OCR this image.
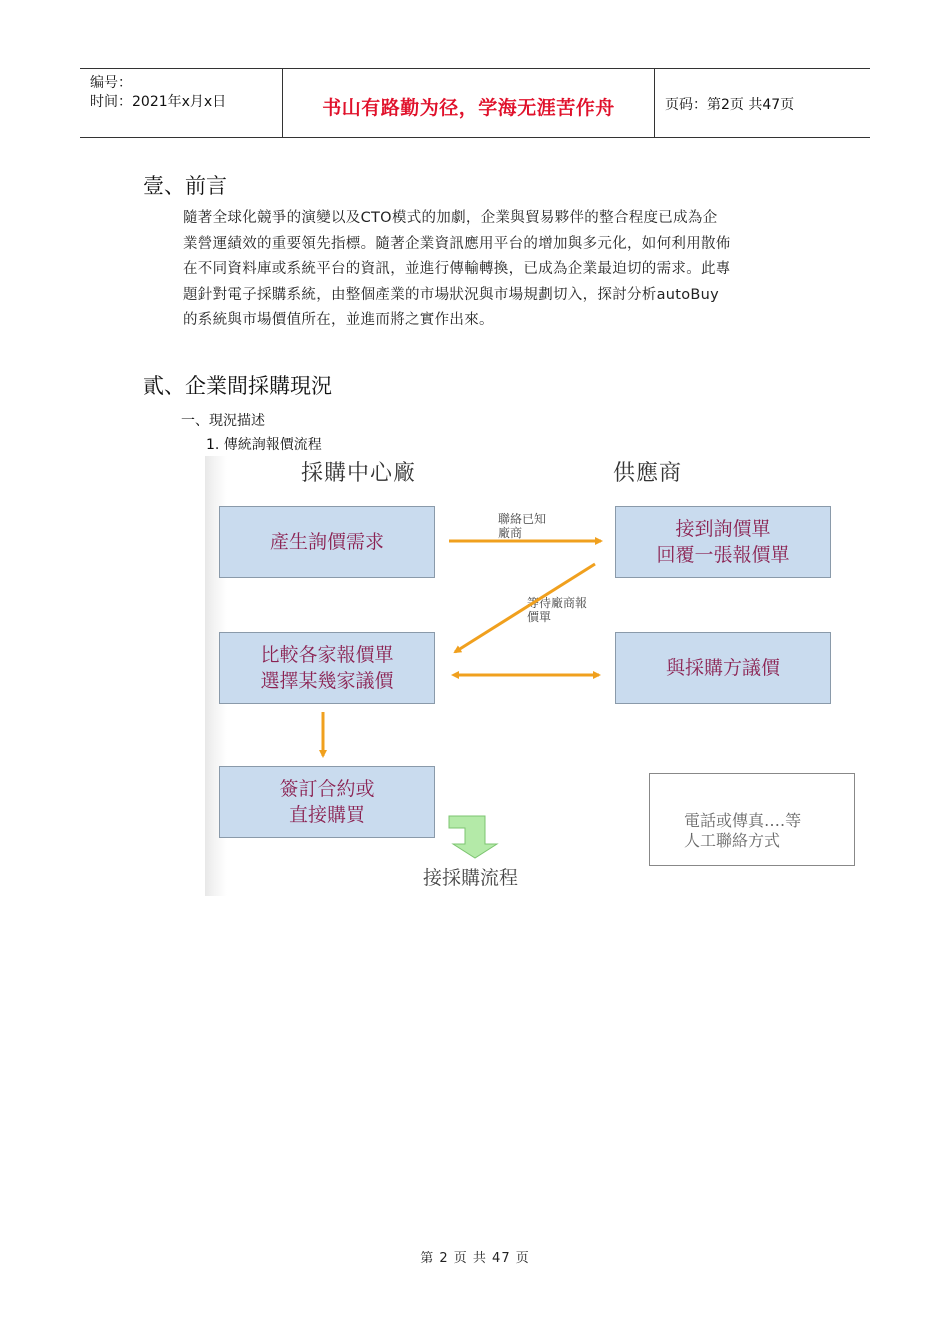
编号：
时间：2021年x月x日	书山有路勤为径，学海无涯苦作舟	页码：第2页 共47页
壹、前言
隨著全球化競爭的演變以及CTO模式的加劇，企業與貿易夥伴的整合程度已成為企
業營運績效的重要領先指標。隨著企業資訊應用平台的增加與多元化，如何利用散佈
在不同資料庫或系統平台的資訊，並進行傳輸轉換，已成為企業最迫切的需求。此專
題針對電子採購系統，由整個產業的市場狀況與市場規劃切入，探討分析autoBuy
的系統與市場價值所在，並進而將之實作出來。
貳、企業間採購現況
一、現況描述
1. 傳統詢報價流程
採購中心廠	供應商
產生詢價需求
接到詢價單
回覆一張報價單
比較各家報價單
選擇某幾家議價
與採購方議價
簽訂合約或
直接購買
聯絡已知
廠商
等待廠商報
價單
電話或傳真….等
人工聯絡方式
接採購流程
第 2 页 共 47 页
